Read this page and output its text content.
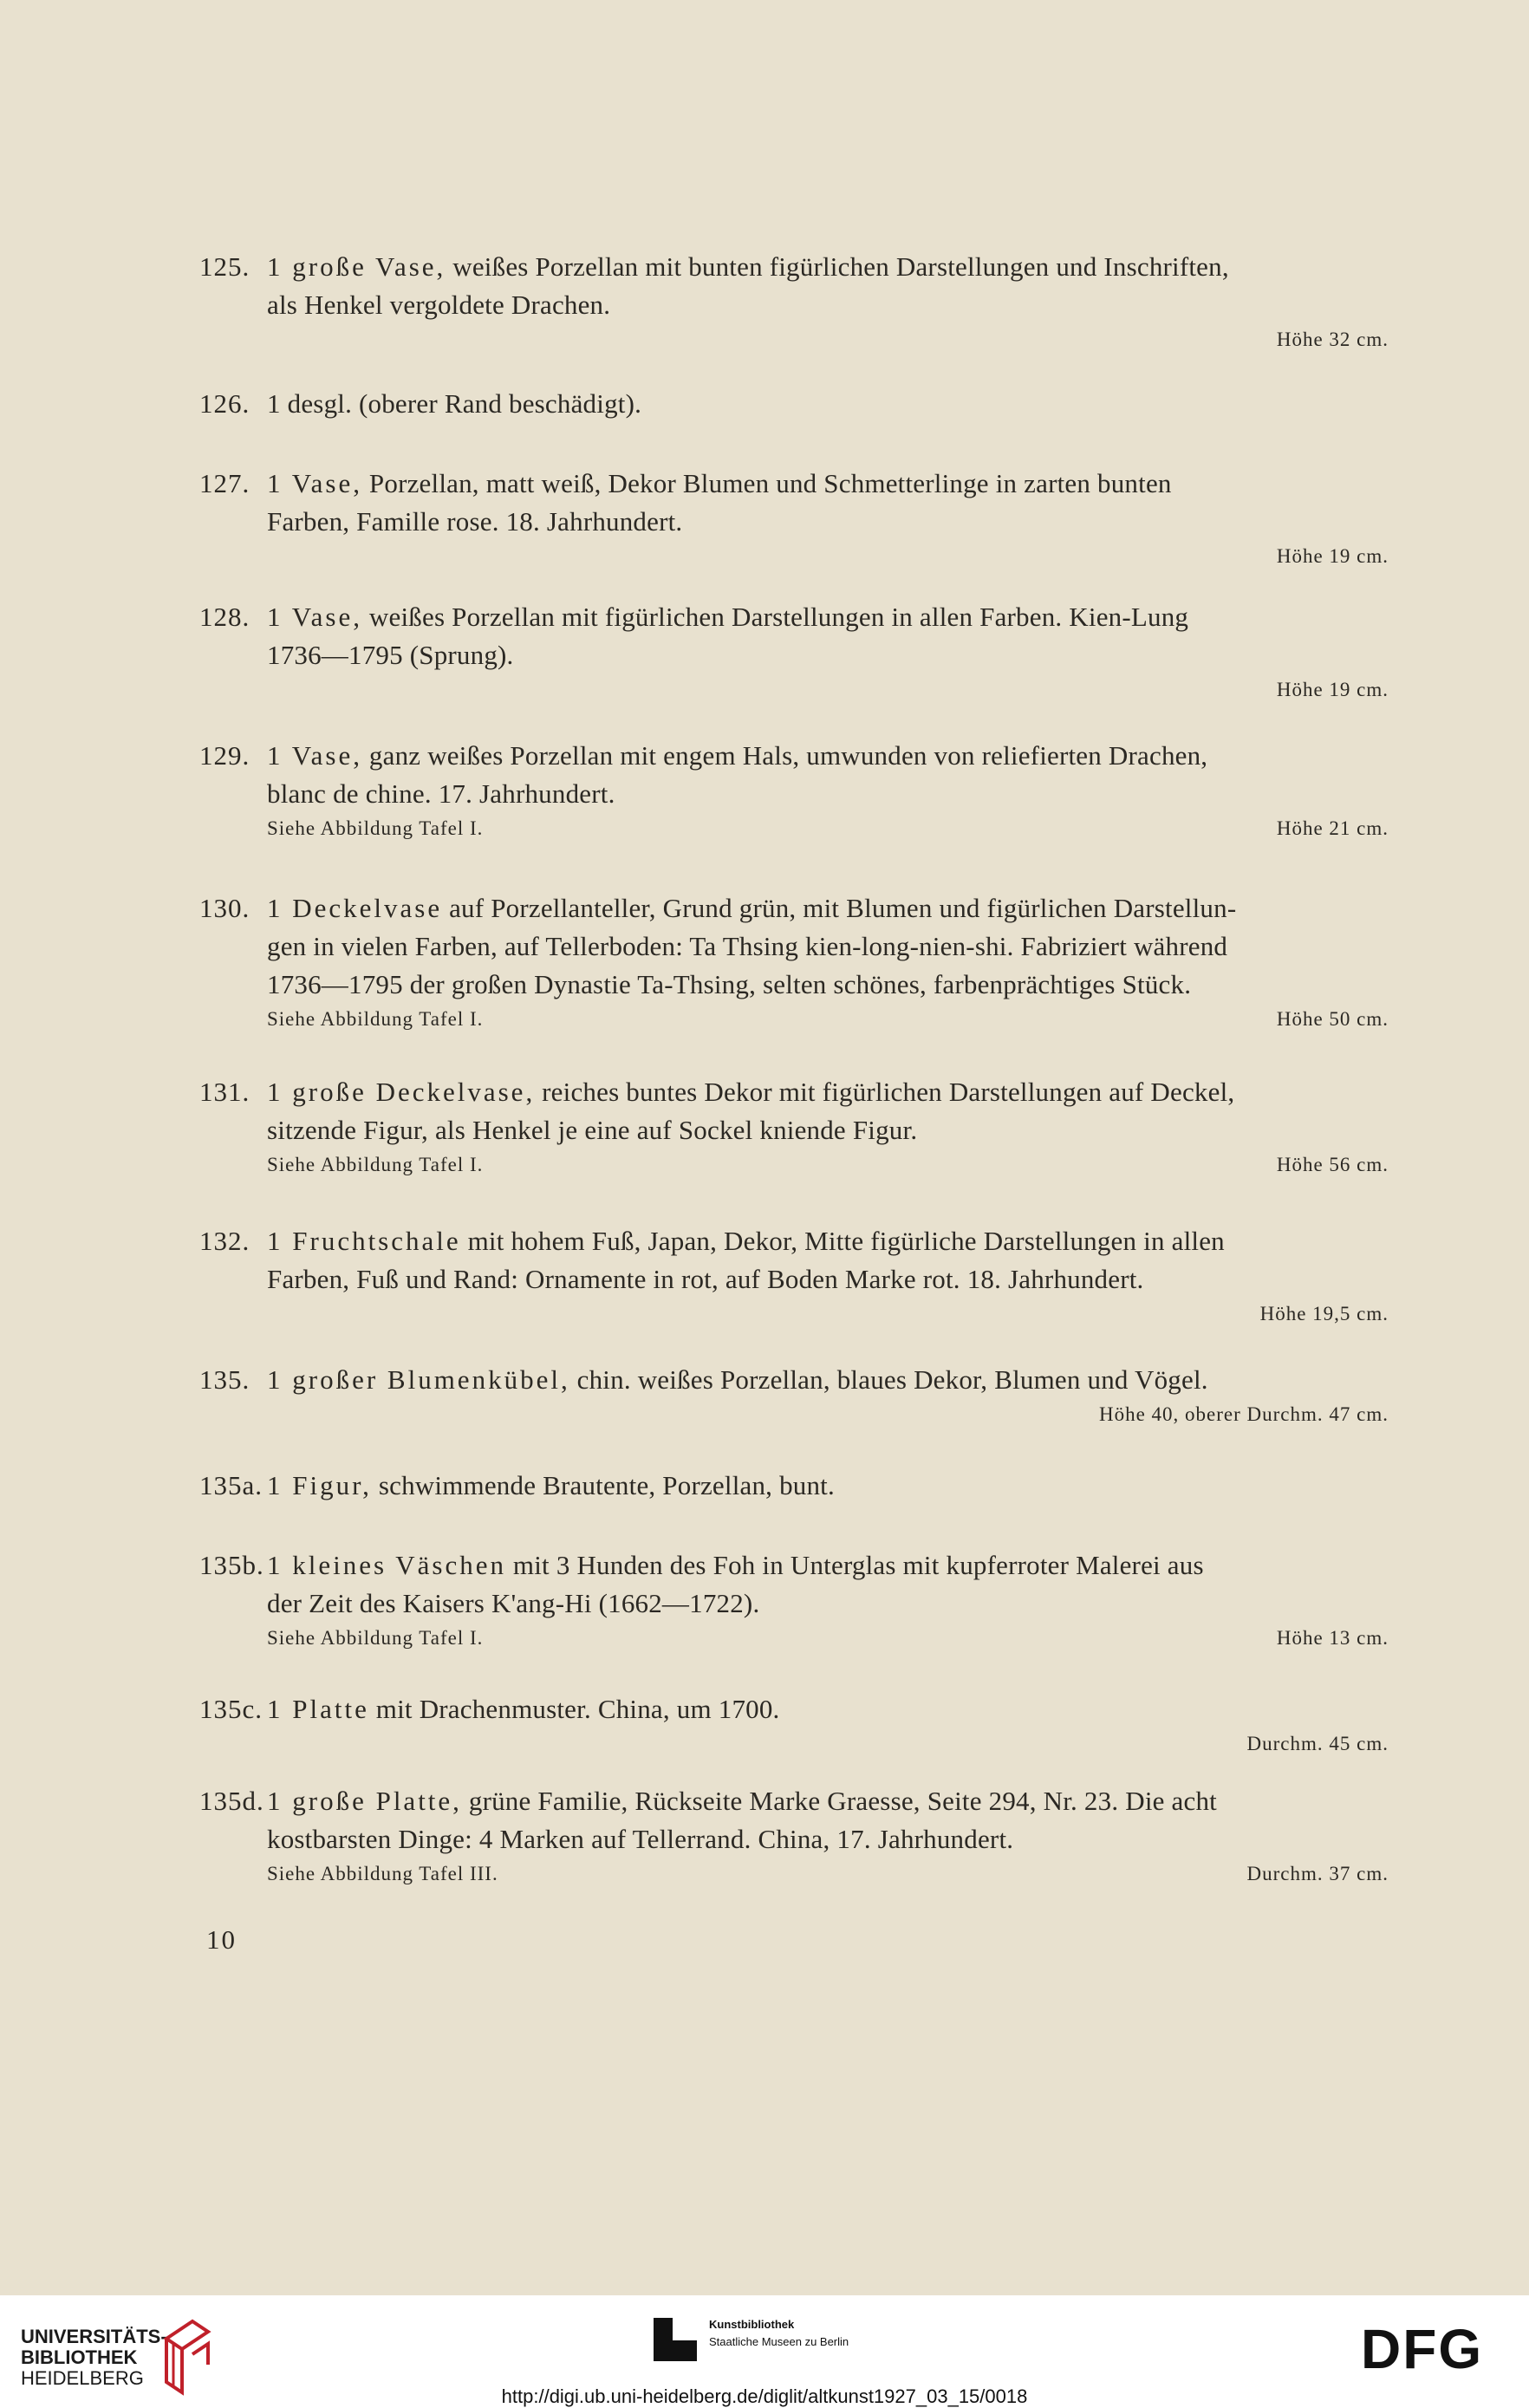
125. 1 große Vase, weißes Porzellan mit bunten figürlichen Darstellungen und Inschriften,
als Henkel vergoldete Drachen.
Höhe 32 cm.
126. 1 desgl. (oberer Rand beschädigt).
127. 1 Vase, Porzellan, matt weiß, Dekor Blumen und Schmetterlinge in zarten bunten
Farben, Famille rose. 18. Jahrhundert.
Höhe 19 cm.
128. 1 Vase, weißes Porzellan mit figürlichen Darstellungen in allen Farben. Kien-Lung
1736—1795 (Sprung).
Höhe 19 cm.
129. 1 Vase, ganz weißes Porzellan mit engem Hals, umwunden von reliefierten Drachen,
blanc de chine. 17. Jahrhundert.
Siehe Abbildung Tafel I.	Höhe 21 cm.
130. 1 Deckelvase auf Porzellanteller, Grund grün, mit Blumen und figürlichen Darstellun-
gen in vielen Farben, auf Tellerboden: Ta Thsing kien-long-nien-shi. Fabriziert während
1736—1795 der großen Dynastie Ta-Thsing, selten schönes, farbenprächtiges Stück.
Siehe Abbildung Tafel I.	Höhe 50 cm.
131. 1 große Deckelvase, reiches buntes Dekor mit figürlichen Darstellungen auf Deckel,
sitzende Figur, als Henkel je eine auf Sockel kniende Figur.
Siehe Abbildung Tafel I.	Höhe 56 cm.
132. 1 Fruchtschale mit hohem Fuß, Japan, Dekor, Mitte figürliche Darstellungen in allen
Farben, Fuß und Rand: Ornamente in rot, auf Boden Marke rot. 18. Jahrhundert.
Höhe 19,5 cm.
135. 1 großer Blumenkübel, chin. weißes Porzellan, blaues Dekor, Blumen und Vögel.
Höhe 40, oberer Durchm. 47 cm.
135a. 1 Figur, schwimmende Brautente, Porzellan, bunt.
135b. 1 kleines Väschen mit 3 Hunden des Foh in Unterglas mit kupferroter Malerei aus
der Zeit des Kaisers K'ang-Hi (1662—1722).
Siehe Abbildung Tafel I.	Höhe 13 cm.
135c. 1 Platte mit Drachenmuster. China, um 1700.
Durchm. 45 cm.
135d. 1 große Platte, grüne Familie, Rückseite Marke Graesse, Seite 294, Nr. 23. Die acht
kostbarsten Dinge: 4 Marken auf Tellerrand. China, 17. Jahrhundert.
Siehe Abbildung Tafel III.	Durchm. 37 cm.
10
UNIVERSITÄTS-
BIBLIOTHEK
HEIDELBERG
Kunstbibliothek
Staatliche Museen zu Berlin	DFG
http://digi.ub.uni-heidelberg.de/diglit/altkunst1927_03_15/0018
